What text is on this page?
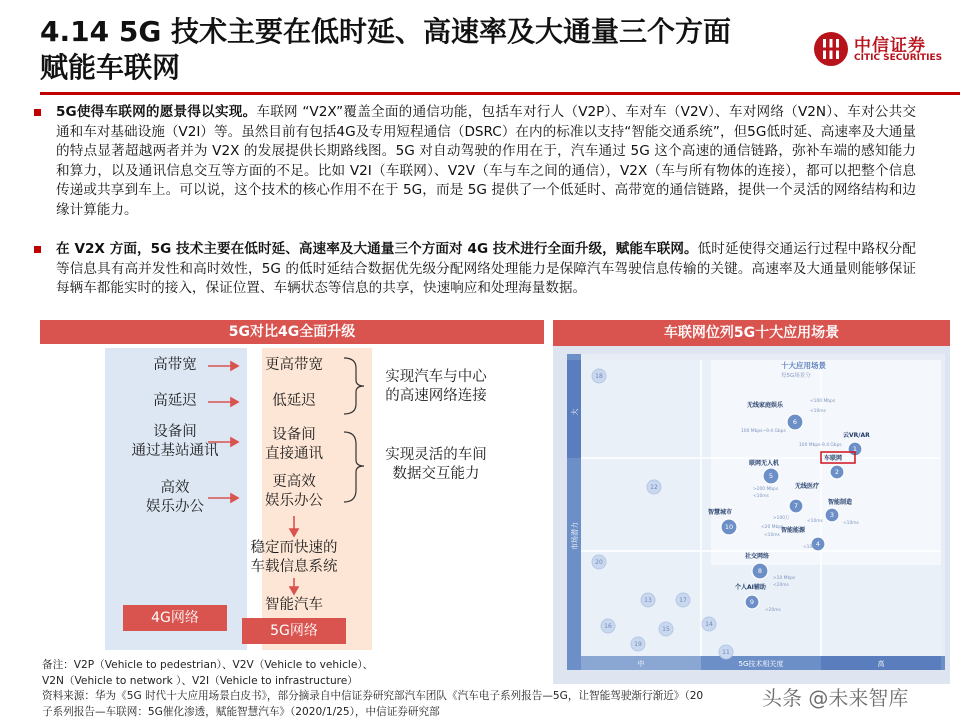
4.14 5G 技术主要在低时延、高速率及大通量三个方面
赋能车联网
中信证券
CITIC SECURITIES
5G使得车联网的愿景得以实现。车联网 “V2X”覆盖全面的通信功能，包括车对行人（V2P）、车对车（V2V）、车对网络（V2N）、车对公共交通和车对基础设施（V2I）等。虽然目前有包括4G及专用短程通信（DSRC）在内的标准以支持“智能交通系统”，但5G低时延、高速率及大通量的特点显著超越两者并为 V2X 的发展提供长期路线图。5G 对自动驾驶的作用在于，汽车通过 5G 这个高速的通信链路，弥补车端的感知能力和算力，以及通讯信息交互等方面的不足。比如 V2I（车联网）、V2V（车与车之间的通信），V2X（车与所有物体的连接），都可以把整个信息传递或共享到车上。可以说，这个技术的核心作用不在于 5G，而是 5G 提供了一个低延时、高带宽的通信链路，提供一个灵活的网络结构和边缘计算能力。
在 V2X 方面，5G 技术主要在低时延、高速率及大通量三个方面对 4G 技术进行全面升级，赋能车联网。低时延使得交通运行过程中路权分配等信息具有高并发性和高时效性，5G 的低时延结合数据优先级分配网络处理能力是保障汽车驾驶信息传输的关键。高速率及大通量则能够保证每辆车都能实时的接入，保证位置、车辆状态等信息的共享，快速响应和处理海量数据。
5G对比4G全面升级
高带宽
高延迟
设备间
通过基站通讯
高效
娱乐办公
更高带宽
低延迟
设备间
直接通讯
更高效
娱乐办公
稳定而快速的
车载信息系统
智能汽车
实现汽车与中心
的高速网络连接
实现灵活的车间
数据交互能力
4G网络
5G网络
车联网位列5G十大应用场景
18
12
20
13	17
15
16	14
11
19
十大应用场景
每5G场景分
6
1
2
5
7
3
10
4
8
9
无线家庭娱乐
云VR/AR
车联网
联网无人机
无线医疗
智能制造
智慧城市
智能能源
社交网络
个人AI辅助
<100 Mbps
100 Mbps~9.4 Gbps
<10ms
100 Mbps-9.4 Gbps
>200 Mbps
<10ms
<10ms
>100万
<20 Mbps
<10ms
<10ms
<10ms
>10 Mbps
<20ms
<20ms
市场潜力
大
5G技术相关度
中	高
备注：V2P（Vehicle to pedestrian）、V2V（Vehicle to vehicle）、
V2N（Vehicle to network ）、V2I（Vehicle to infrastructure）
资料来源：华为《5G 时代十大应用场景白皮书》，部分摘录自中信证券研究部汽车团队《汽车电子系列报告—5G，让智能驾驶渐行渐近》（20
子系列报告—车联网：5G催化渗透，赋能智慧汽车》（2020/1/25），中信证券研究部
头条 @未来智库
